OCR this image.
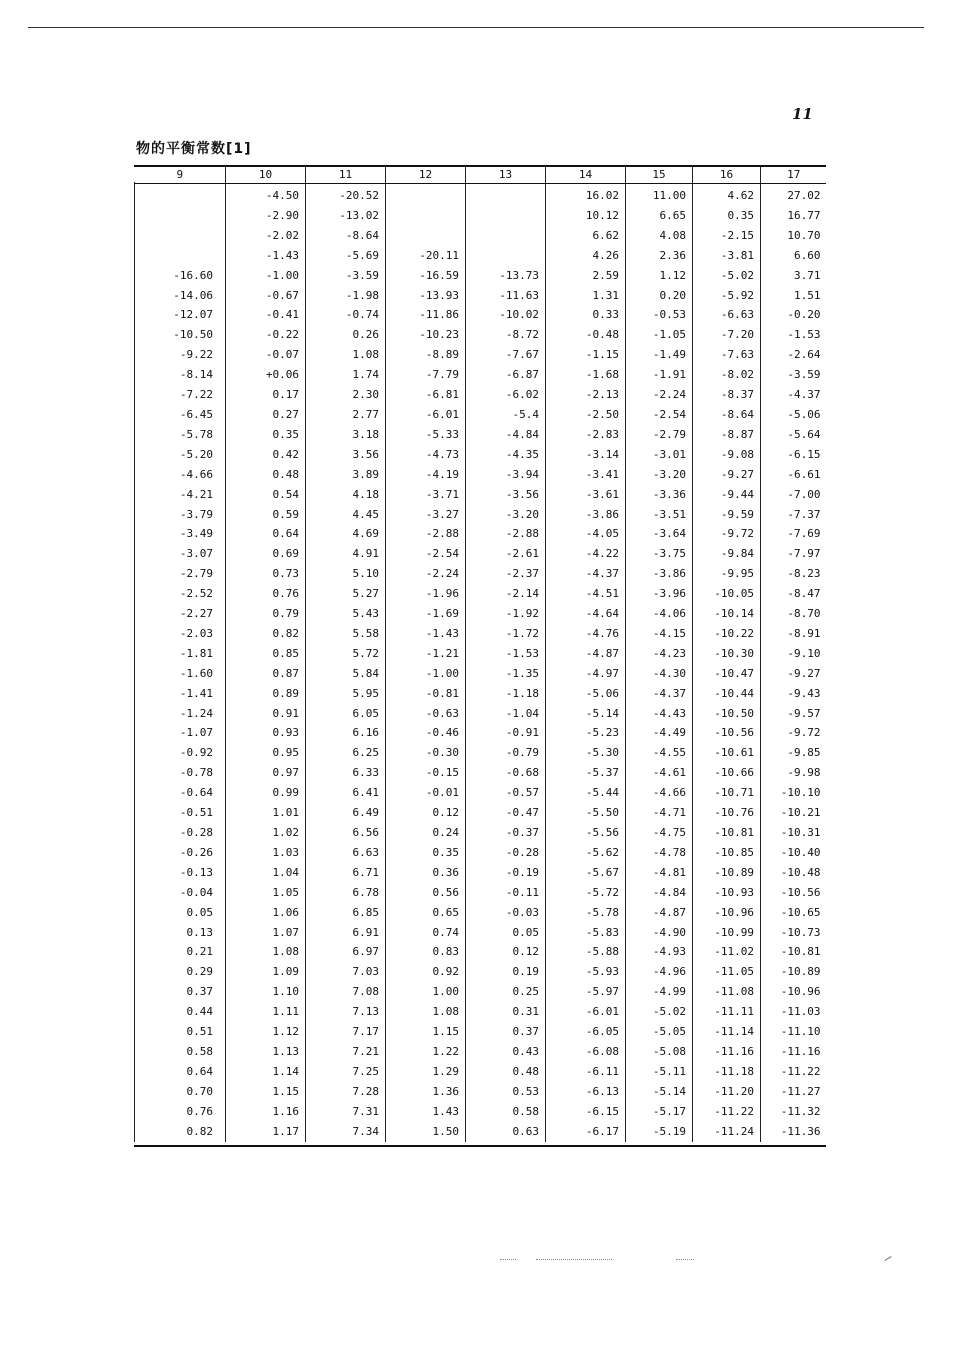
11
物的平衡常数[1]
9	10	11	12	13	14	15	16	17
	-4.50	-20.52			16.02	11.00	4.62	27.02
	-2.90	-13.02			10.12	6.65	0.35	16.77
	-2.02	-8.64			6.62	4.08	-2.15	10.70
	-1.43	-5.69	-20.11		4.26	2.36	-3.81	6.60
-16.60	-1.00	-3.59	-16.59	-13.73	2.59	1.12	-5.02	3.71
-14.06	-0.67	-1.98	-13.93	-11.63	1.31	0.20	-5.92	1.51
-12.07	-0.41	-0.74	-11.86	-10.02	0.33	-0.53	-6.63	-0.20
-10.50	-0.22	0.26	-10.23	-8.72	-0.48	-1.05	-7.20	-1.53
-9.22	-0.07	1.08	-8.89	-7.67	-1.15	-1.49	-7.63	-2.64
-8.14	+0.06	1.74	-7.79	-6.87	-1.68	-1.91	-8.02	-3.59
-7.22	0.17	2.30	-6.81	-6.02	-2.13	-2.24	-8.37	-4.37
-6.45	0.27	2.77	-6.01	-5.4	-2.50	-2.54	-8.64	-5.06
-5.78	0.35	3.18	-5.33	-4.84	-2.83	-2.79	-8.87	-5.64
-5.20	0.42	3.56	-4.73	-4.35	-3.14	-3.01	-9.08	-6.15
-4.66	0.48	3.89	-4.19	-3.94	-3.41	-3.20	-9.27	-6.61
-4.21	0.54	4.18	-3.71	-3.56	-3.61	-3.36	-9.44	-7.00
-3.79	0.59	4.45	-3.27	-3.20	-3.86	-3.51	-9.59	-7.37
-3.49	0.64	4.69	-2.88	-2.88	-4.05	-3.64	-9.72	-7.69
-3.07	0.69	4.91	-2.54	-2.61	-4.22	-3.75	-9.84	-7.97
-2.79	0.73	5.10	-2.24	-2.37	-4.37	-3.86	-9.95	-8.23
-2.52	0.76	5.27	-1.96	-2.14	-4.51	-3.96	-10.05	-8.47
-2.27	0.79	5.43	-1.69	-1.92	-4.64	-4.06	-10.14	-8.70
-2.03	0.82	5.58	-1.43	-1.72	-4.76	-4.15	-10.22	-8.91
-1.81	0.85	5.72	-1.21	-1.53	-4.87	-4.23	-10.30	-9.10
-1.60	0.87	5.84	-1.00	-1.35	-4.97	-4.30	-10.47	-9.27
-1.41	0.89	5.95	-0.81	-1.18	-5.06	-4.37	-10.44	-9.43
-1.24	0.91	6.05	-0.63	-1.04	-5.14	-4.43	-10.50	-9.57
-1.07	0.93	6.16	-0.46	-0.91	-5.23	-4.49	-10.56	-9.72
-0.92	0.95	6.25	-0.30	-0.79	-5.30	-4.55	-10.61	-9.85
-0.78	0.97	6.33	-0.15	-0.68	-5.37	-4.61	-10.66	-9.98
-0.64	0.99	6.41	-0.01	-0.57	-5.44	-4.66	-10.71	-10.10
-0.51	1.01	6.49	0.12	-0.47	-5.50	-4.71	-10.76	-10.21
-0.28	1.02	6.56	0.24	-0.37	-5.56	-4.75	-10.81	-10.31
-0.26	1.03	6.63	0.35	-0.28	-5.62	-4.78	-10.85	-10.40
-0.13	1.04	6.71	0.36	-0.19	-5.67	-4.81	-10.89	-10.48
-0.04	1.05	6.78	0.56	-0.11	-5.72	-4.84	-10.93	-10.56
0.05	1.06	6.85	0.65	-0.03	-5.78	-4.87	-10.96	-10.65
0.13	1.07	6.91	0.74	0.05	-5.83	-4.90	-10.99	-10.73
0.21	1.08	6.97	0.83	0.12	-5.88	-4.93	-11.02	-10.81
0.29	1.09	7.03	0.92	0.19	-5.93	-4.96	-11.05	-10.89
0.37	1.10	7.08	1.00	0.25	-5.97	-4.99	-11.08	-10.96
0.44	1.11	7.13	1.08	0.31	-6.01	-5.02	-11.11	-11.03
0.51	1.12	7.17	1.15	0.37	-6.05	-5.05	-11.14	-11.10
0.58	1.13	7.21	1.22	0.43	-6.08	-5.08	-11.16	-11.16
0.64	1.14	7.25	1.29	0.48	-6.11	-5.11	-11.18	-11.22
0.70	1.15	7.28	1.36	0.53	-6.13	-5.14	-11.20	-11.27
0.76	1.16	7.31	1.43	0.58	-6.15	-5.17	-11.22	-11.32
0.82	1.17	7.34	1.50	0.63	-6.17	-5.19	-11.24	-11.36
